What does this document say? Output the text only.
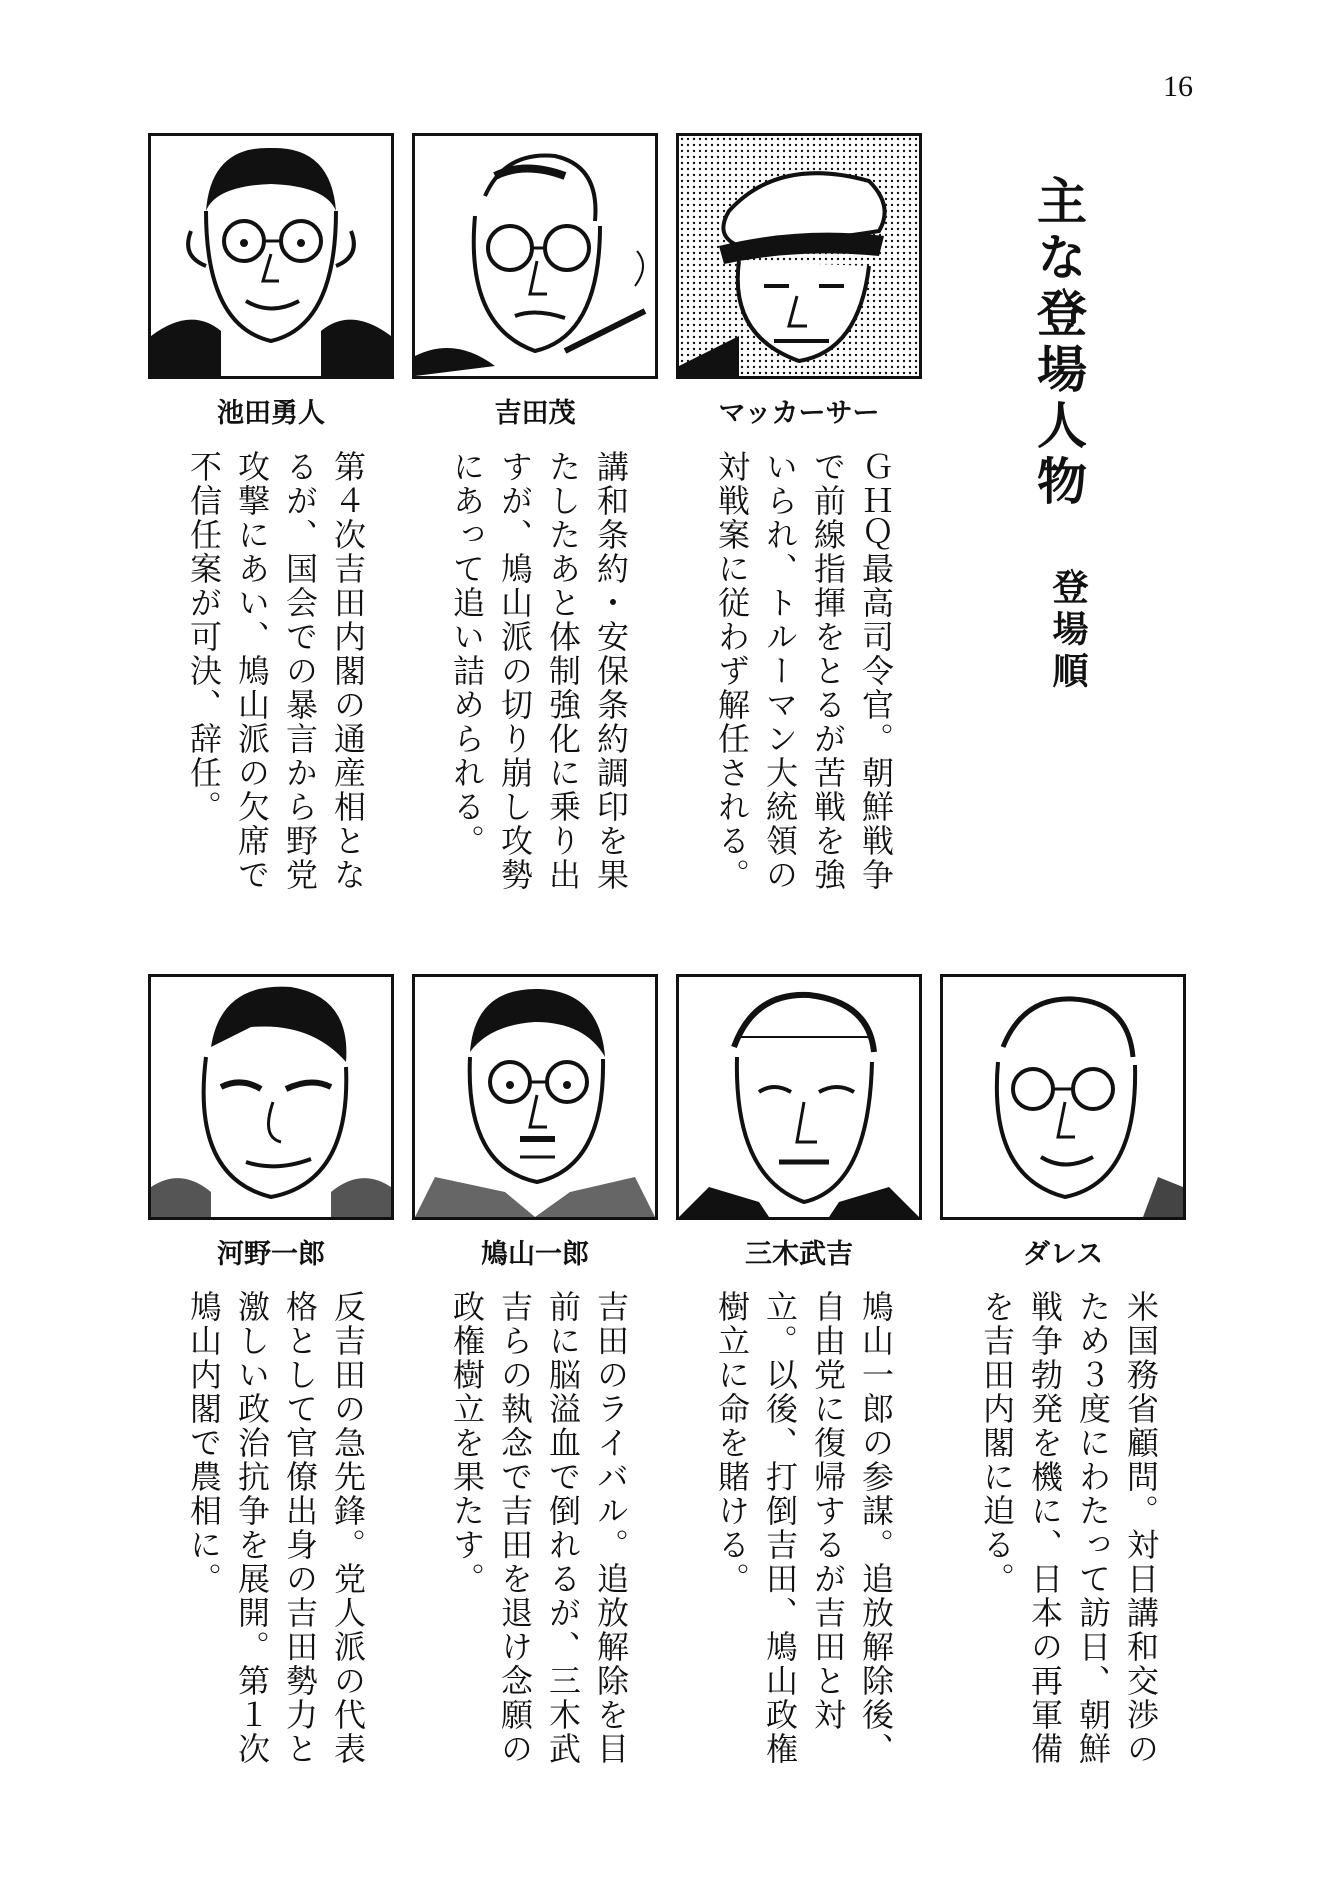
16
主な登場人物
登場順
池田勇人
第４次吉田内閣の通産相となるが、国会での暴言から野党攻撃にあい、鳩山派の欠席で不信任案が可決、辞任。
吉田茂
講和条約・安保条約調印を果たしたあと体制強化に乗り出すが、鳩山派の切り崩し攻勢にあって追い詰められる。
マッカーサー
ＧＨＱ最高司令官。朝鮮戦争で前線指揮をとるが苦戦を強いられ、トルーマン大統領の対戦案に従わず解任される。
河野一郎
反吉田の急先鋒。党人派の代表格として官僚出身の吉田勢力と激しい政治抗争を展開。第１次鳩山内閣で農相に。
鳩山一郎
吉田のライバル。追放解除を目前に脳溢血で倒れるが、三木武吉らの執念で吉田を退け念願の政権樹立を果たす。
三木武吉
鳩山一郎の参謀。追放解除後、自由党に復帰するが吉田と対立。以後、打倒吉田、鳩山政権樹立に命を賭ける。
ダレス
米国務省顧問。対日講和交渉のため３度にわたって訪日、朝鮮戦争勃発を機に、日本の再軍備を吉田内閣に迫る。
